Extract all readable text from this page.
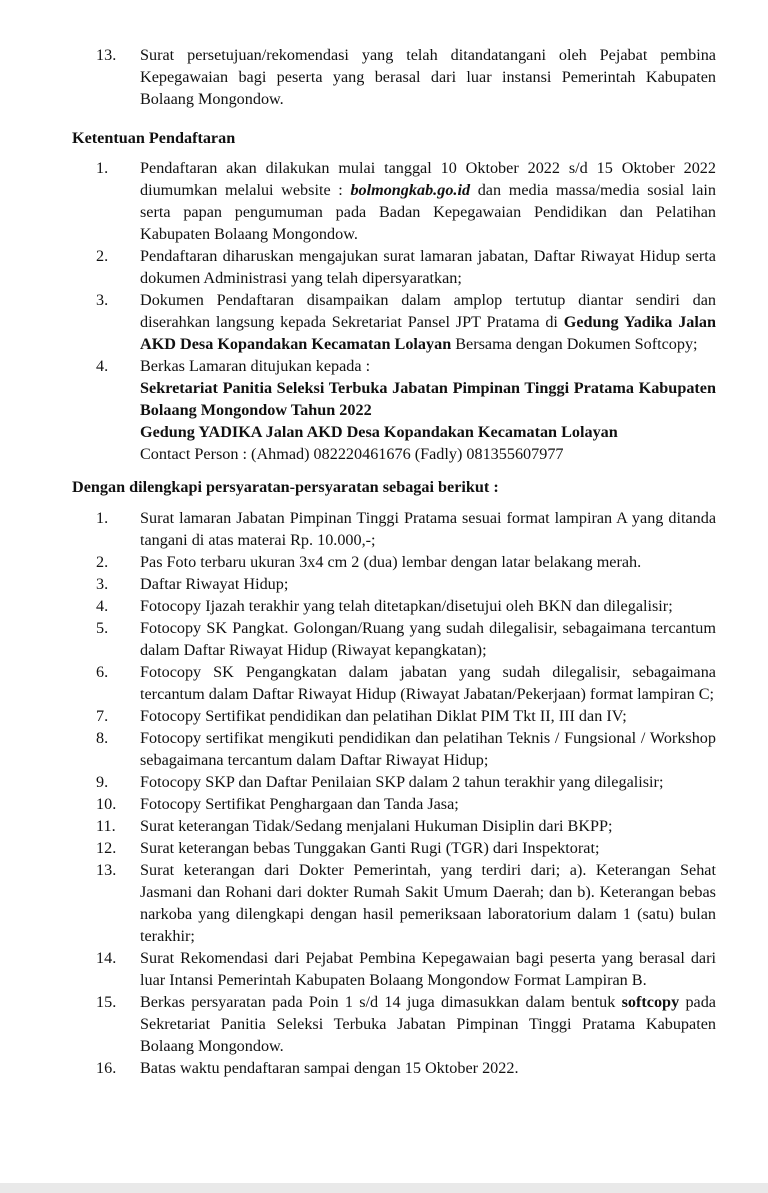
13.	Surat persetujuan/rekomendasi yang telah ditandatangani oleh Pejabat pembina Kepegawaian bagi peserta yang berasal dari luar instansi Pemerintah Kabupaten Bolaang Mongondow.

Ketentuan Pendaftaran

1.	Pendaftaran akan dilakukan mulai tanggal 10 Oktober 2022 s/d 15 Oktober 2022 diumumkan melalui website : bolmongkab.go.id dan media massa/media sosial lain serta papan pengumuman pada Badan Kepegawaian Pendidikan dan Pelatihan Kabupaten Bolaang Mongondow.
2.	Pendaftaran diharuskan mengajukan surat lamaran jabatan, Daftar Riwayat Hidup serta dokumen Administrasi yang telah dipersyaratkan;
3.	Dokumen Pendaftaran disampaikan dalam amplop tertutup diantar sendiri dan diserahkan langsung kepada Sekretariat Pansel JPT Pratama di Gedung Yadika Jalan AKD Desa Kopandakan Kecamatan Lolayan Bersama dengan Dokumen Softcopy;
4.	Berkas Lamaran ditujukan kepada :
Sekretariat Panitia Seleksi Terbuka Jabatan Pimpinan Tinggi Pratama Kabupaten Bolaang Mongondow Tahun 2022
Gedung YADIKA Jalan AKD Desa Kopandakan Kecamatan Lolayan
Contact Person : (Ahmad) 082220461676 (Fadly) 081355607977

Dengan dilengkapi persyaratan-persyaratan sebagai berikut :

1.	Surat lamaran Jabatan Pimpinan Tinggi Pratama sesuai format lampiran A yang ditanda tangani di atas materai Rp. 10.000,-;
2.	Pas Foto terbaru ukuran 3x4 cm 2 (dua) lembar dengan latar belakang merah.
3.	Daftar Riwayat Hidup;
4.	Fotocopy Ijazah terakhir yang telah ditetapkan/disetujui oleh BKN dan dilegalisir;
5.	Fotocopy SK Pangkat. Golongan/Ruang yang sudah dilegalisir, sebagaimana tercantum dalam Daftar Riwayat Hidup (Riwayat kepangkatan);
6.	Fotocopy SK Pengangkatan dalam jabatan yang sudah dilegalisir, sebagaimana tercantum dalam Daftar Riwayat Hidup (Riwayat Jabatan/Pekerjaan) format lampiran C;
7.	Fotocopy Sertifikat pendidikan dan pelatihan Diklat PIM Tkt II, III dan IV;
8.	Fotocopy sertifikat mengikuti pendidikan dan pelatihan Teknis / Fungsional / Workshop sebagaimana tercantum dalam Daftar Riwayat Hidup;
9.	Fotocopy SKP dan Daftar Penilaian SKP dalam 2 tahun terakhir yang dilegalisir;
10.	Fotocopy Sertifikat Penghargaan dan Tanda Jasa;
11.	Surat keterangan Tidak/Sedang menjalani Hukuman Disiplin dari BKPP;
12.	Surat keterangan bebas Tunggakan Ganti Rugi (TGR) dari Inspektorat;
13.	Surat keterangan dari Dokter Pemerintah, yang terdiri dari; a). Keterangan Sehat Jasmani dan Rohani dari dokter Rumah Sakit Umum Daerah; dan b). Keterangan bebas narkoba yang dilengkapi dengan hasil pemeriksaan laboratorium dalam 1 (satu) bulan terakhir;
14.	Surat Rekomendasi dari Pejabat Pembina Kepegawaian bagi peserta yang berasal dari luar Intansi Pemerintah Kabupaten Bolaang Mongondow Format Lampiran B.
15.	Berkas persyaratan pada Poin 1 s/d 14 juga dimasukkan dalam bentuk softcopy pada Sekretariat Panitia Seleksi Terbuka Jabatan Pimpinan Tinggi Pratama Kabupaten Bolaang Mongondow.
16.	Batas waktu pendaftaran sampai dengan 15 Oktober 2022.
